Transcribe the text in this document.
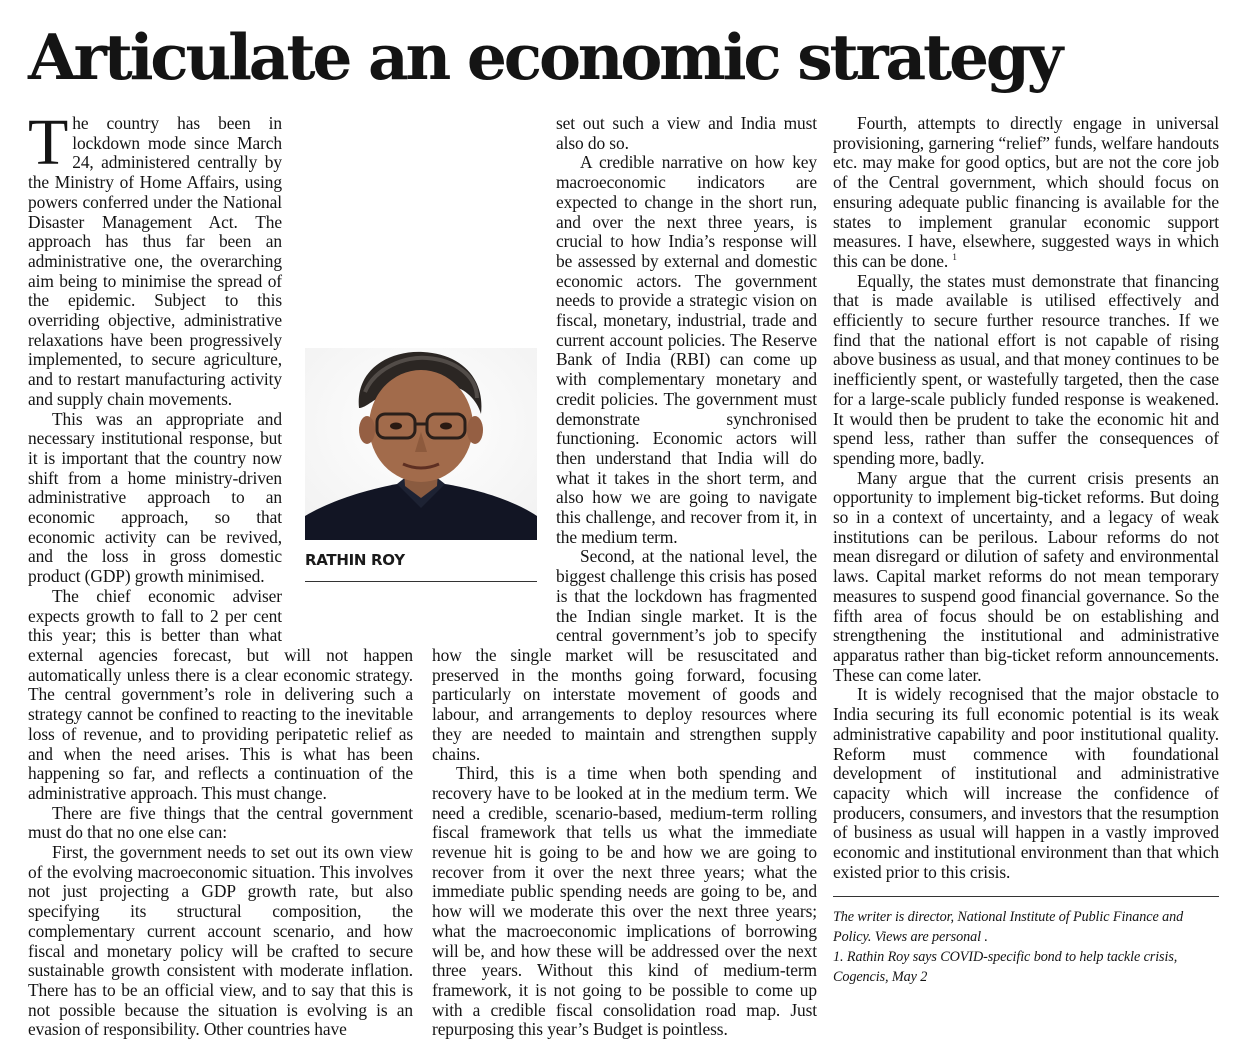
Articulate an economic strategy

The country has been in lockdown mode since March 24, administered centrally by the Ministry of Home Affairs, using powers conferred under the National Disaster Management Act. The approach has thus far been an administrative one, the overarching aim being to minimise the spread of the epidemic. Subject to this overriding objective, administrative relaxations have been progressively implemented, to secure agriculture, and to restart manufacturing activity and supply chain movements.

This was an appropriate and necessary institutional response, but it is important that the country now shift from a home ministry-driven administrative approach to an economic approach, so that economic activity can be revived, and the loss in gross domestic product (GDP) growth minimised.

The chief economic adviser expects growth to fall to 2 per cent this year; this is better than what external agencies forecast, but will not happen automatically unless there is a clear economic strategy. The central government’s role in delivering such a strategy cannot be confined to reacting to the inevitable loss of revenue, and to providing peripatetic relief as and when the need arises. This is what has been happening so far, and reflects a continuation of the administrative approach. This must change.

There are five things that the central government must do that no one else can:

First, the government needs to set out its own view of the evolving macroeconomic situation. This involves not just projecting a GDP growth rate, but also specifying its structural composition, the complementary current account scenario, and how fiscal and monetary policy will be crafted to secure sustainable growth consistent with moderate inflation. There has to be an official view, and to say that this is not possible because the situation is evolving is an evasion of responsibility. Other countries have

set out such a view and India must also do so.

A credible narrative on how key macroeconomic indicators are expected to change in the short run, and over the next three years, is crucial to how India’s response will be assessed by external and domestic economic actors. The government needs to provide a strategic vision on fiscal, monetary, industrial, trade and current account policies. The Reserve Bank of India (RBI) can come up with complementary monetary and credit policies. The government must demonstrate synchronised functioning. Economic actors will then understand that India will do what it takes in the short term, and also how we are going to navigate this challenge, and recover from it, in the medium term.

Second, at the national level, the biggest challenge this crisis has posed is that the lockdown has fragmented the Indian single market. It is the central government’s job to specify how the single market will be resuscitated and preserved in the months going forward, focusing particularly on interstate movement of goods and labour, and arrangements to deploy resources where they are needed to maintain and strengthen supply chains.

Third, this is a time when both spending and recovery have to be looked at in the medium term. We need a credible, scenario-based, medium-term rolling fiscal framework that tells us what the immediate revenue hit is going to be and how we are going to recover from it over the next three years; what the immediate public spending needs are going to be, and how will we moderate this over the next three years; what the macroeconomic implications of borrowing will be, and how these will be addressed over the next three years. Without this kind of medium-term framework, it is not going to be possible to come up with a credible fiscal consolidation road map. Just repurposing this year’s Budget is pointless.

Fourth, attempts to directly engage in universal provisioning, garnering “relief” funds, welfare handouts etc. may make for good optics, but are not the core job of the Central government, which should focus on ensuring adequate public financing is available for the states to implement granular economic support measures. I have, elsewhere, suggested ways in which this can be done. $^1$

Equally, the states must demonstrate that financing that is made available is utilised effectively and efficiently to secure further resource tranches. If we find that the national effort is not capable of rising above business as usual, and that money continues to be inefficiently spent, or wastefully targeted, then the case for a large-scale publicly funded response is weakened. It would then be prudent to take the economic hit and spend less, rather than suffer the consequences of spending more, badly.

Many argue that the current crisis presents an opportunity to implement big-ticket reforms. But doing so in a context of uncertainty, and a legacy of weak institutions can be perilous. Labour reforms do not mean disregard or dilution of safety and environmental laws. Capital market reforms do not mean temporary measures to suspend good financial governance. So the fifth area of focus should be on establishing and strengthening the institutional and administrative apparatus rather than big-ticket reform announcements. These can come later.

It is widely recognised that the major obstacle to India securing its full economic potential is its weak administrative capability and poor institutional quality. Reform must commence with foundational development of institutional and administrative capacity which will increase the confidence of producers, consumers, and investors that the resumption of business as usual will happen in a vastly improved economic and institutional environment than that which existed prior to this crisis.

The writer is director, National Institute of Public Finance and Policy. Views are personal .

1. Rathin Roy says COVID-specific bond to help tackle crisis, Cogencis, May 2

RATHIN ROY
